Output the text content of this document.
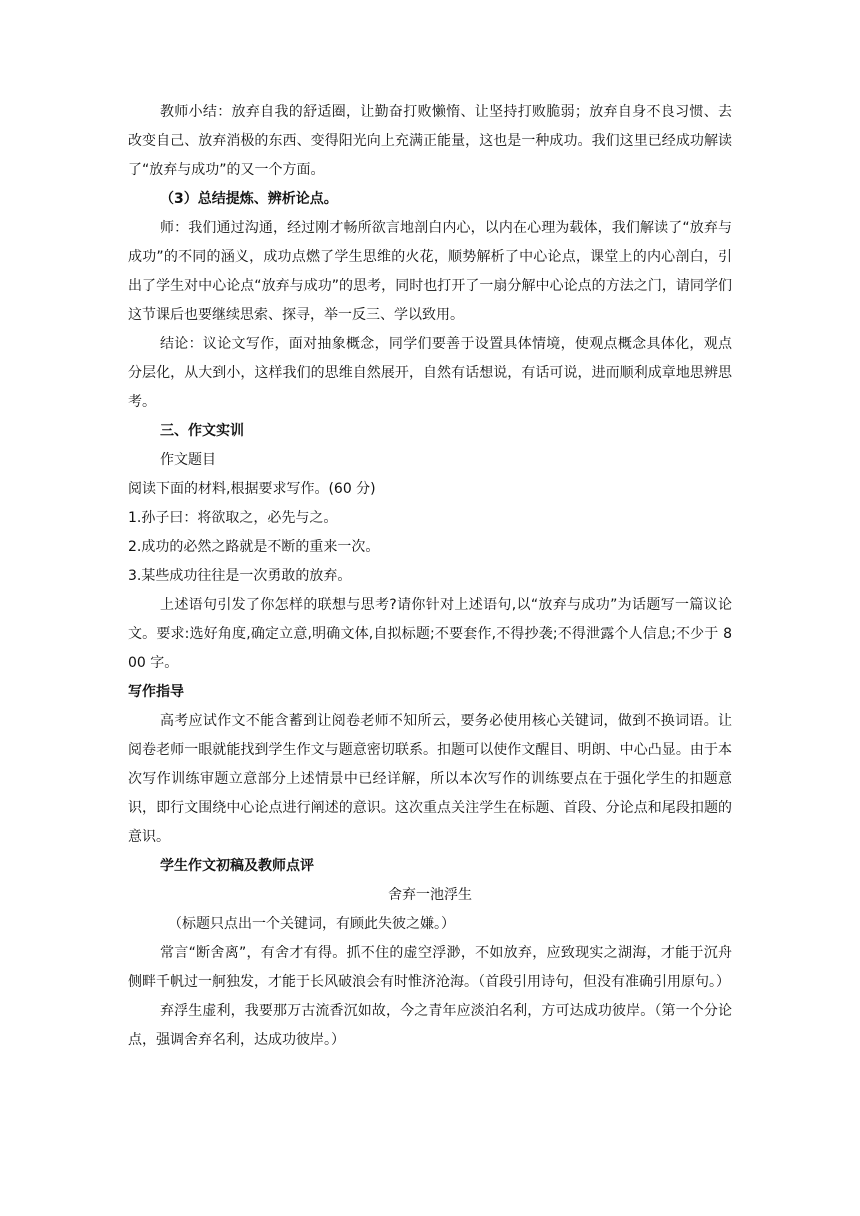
教师小结：放弃自我的舒适圈，让勤奋打败懒惰、让坚持打败脆弱；放弃自身不良习惯、去改变自己、放弃消极的东西、变得阳光向上充满正能量，这也是一种成功。我们这里已经成功解读了“放弃与成功”的又一个方面。

（3）总结提炼、辨析论点。

师：我们通过沟通，经过刚才畅所欲言地剖白内心，以内在心理为载体，我们解读了“放弃与成功”的不同的涵义，成功点燃了学生思维的火花，顺势解析了中心论点，课堂上的内心剖白，引出了学生对中心论点“放弃与成功”的思考，同时也打开了一扇分解中心论点的方法之门，请同学们这节课后也要继续思索、探寻，举一反三、学以致用。

结论：议论文写作，面对抽象概念，同学们要善于设置具体情境，使观点概念具体化，观点分层化，从大到小，这样我们的思维自然展开，自然有话想说，有话可说，进而顺利成章地思辨思考。

三、作文实训

作文题目

阅读下面的材料,根据要求写作。(60 分)

1.孙子曰：将欲取之，必先与之。

2.成功的必然之路就是不断的重来一次。

3.某些成功往往是一次勇敢的放弃。

上述语句引发了你怎样的联想与思考?请你针对上述语句,以“放弃与成功”为话题写一篇议论文。要求:选好角度,确定立意,明确文体,自拟标题;不要套作,不得抄袭;不得泄露个人信息;不少于 800 字。

写作指导

高考应试作文不能含蓄到让阅卷老师不知所云，要务必使用核心关键词，做到不换词语。让阅卷老师一眼就能找到学生作文与题意密切联系。扣题可以使作文醒目、明朗、中心凸显。由于本次写作训练审题立意部分上述情景中已经详解，所以本次写作的训练要点在于强化学生的扣题意识，即行文围绕中心论点进行阐述的意识。这次重点关注学生在标题、首段、分论点和尾段扣题的意识。

学生作文初稿及教师点评

舍弃一池浮生

（标题只点出一个关键词，有顾此失彼之嫌。）

常言“断舍离”，有舍才有得。抓不住的虚空浮渺，不如放弃，应致现实之湖海，才能于沉舟侧畔千帆过一舸独发，才能于长风破浪会有时惟济沧海。（首段引用诗句，但没有准确引用原句。）

弃浮生虚利，我要那万古流香沉如故，今之青年应淡泊名利，方可达成功彼岸。（第一个分论点，强调舍弃名利，达成功彼岸。）
